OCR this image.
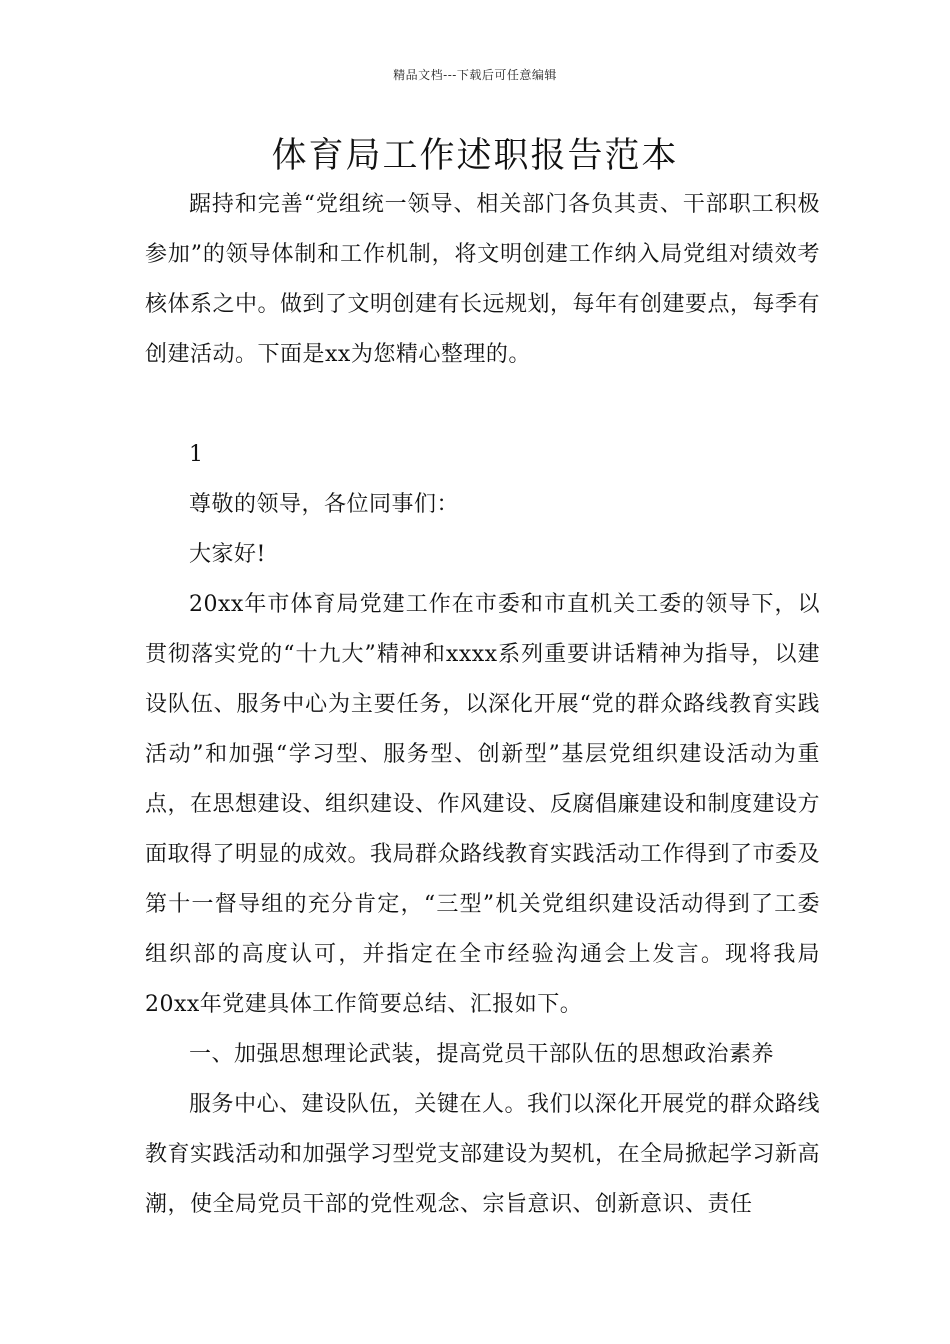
精品文档---下载后可任意编辑
体育局工作述职报告范本

踞持和完善“党组统一领导、相关部门各负其责、干部职工积极参加”的领导体制和工作机制，将文明创建工作纳入局党组对绩效考核体系之中。做到了文明创建有长远规划，每年有创建要点，每季有创建活动。下面是xx为您精心整理的。

1

尊敬的领导，各位同事们：

大家好!

20xx年市体育局党建工作在市委和市直机关工委的领导下，以贯彻落实党的“十九大”精神和xxxx系列重要讲话精神为指导，以建设队伍、服务中心为主要任务，以深化开展“党的群众路线教育实践活动”和加强“学习型、服务型、创新型”基层党组织建设活动为重点，在思想建设、组织建设、作风建设、反腐倡廉建设和制度建设方面取得了明显的成效。我局群众路线教育实践活动工作得到了市委及第十一督导组的充分肯定，“三型”机关党组织建设活动得到了工委组织部的高度认可，并指定在全市经验沟通会上发言。现将我局20xx年党建具体工作简要总结、汇报如下。

一、加强思想理论武装，提高党员干部队伍的思想政治素养

服务中心、建设队伍，关键在人。我们以深化开展党的群众路线教育实践活动和加强学习型党支部建设为契机，在全局掀起学习新高潮，使全局党员干部的党性观念、宗旨意识、创新意识、责任
